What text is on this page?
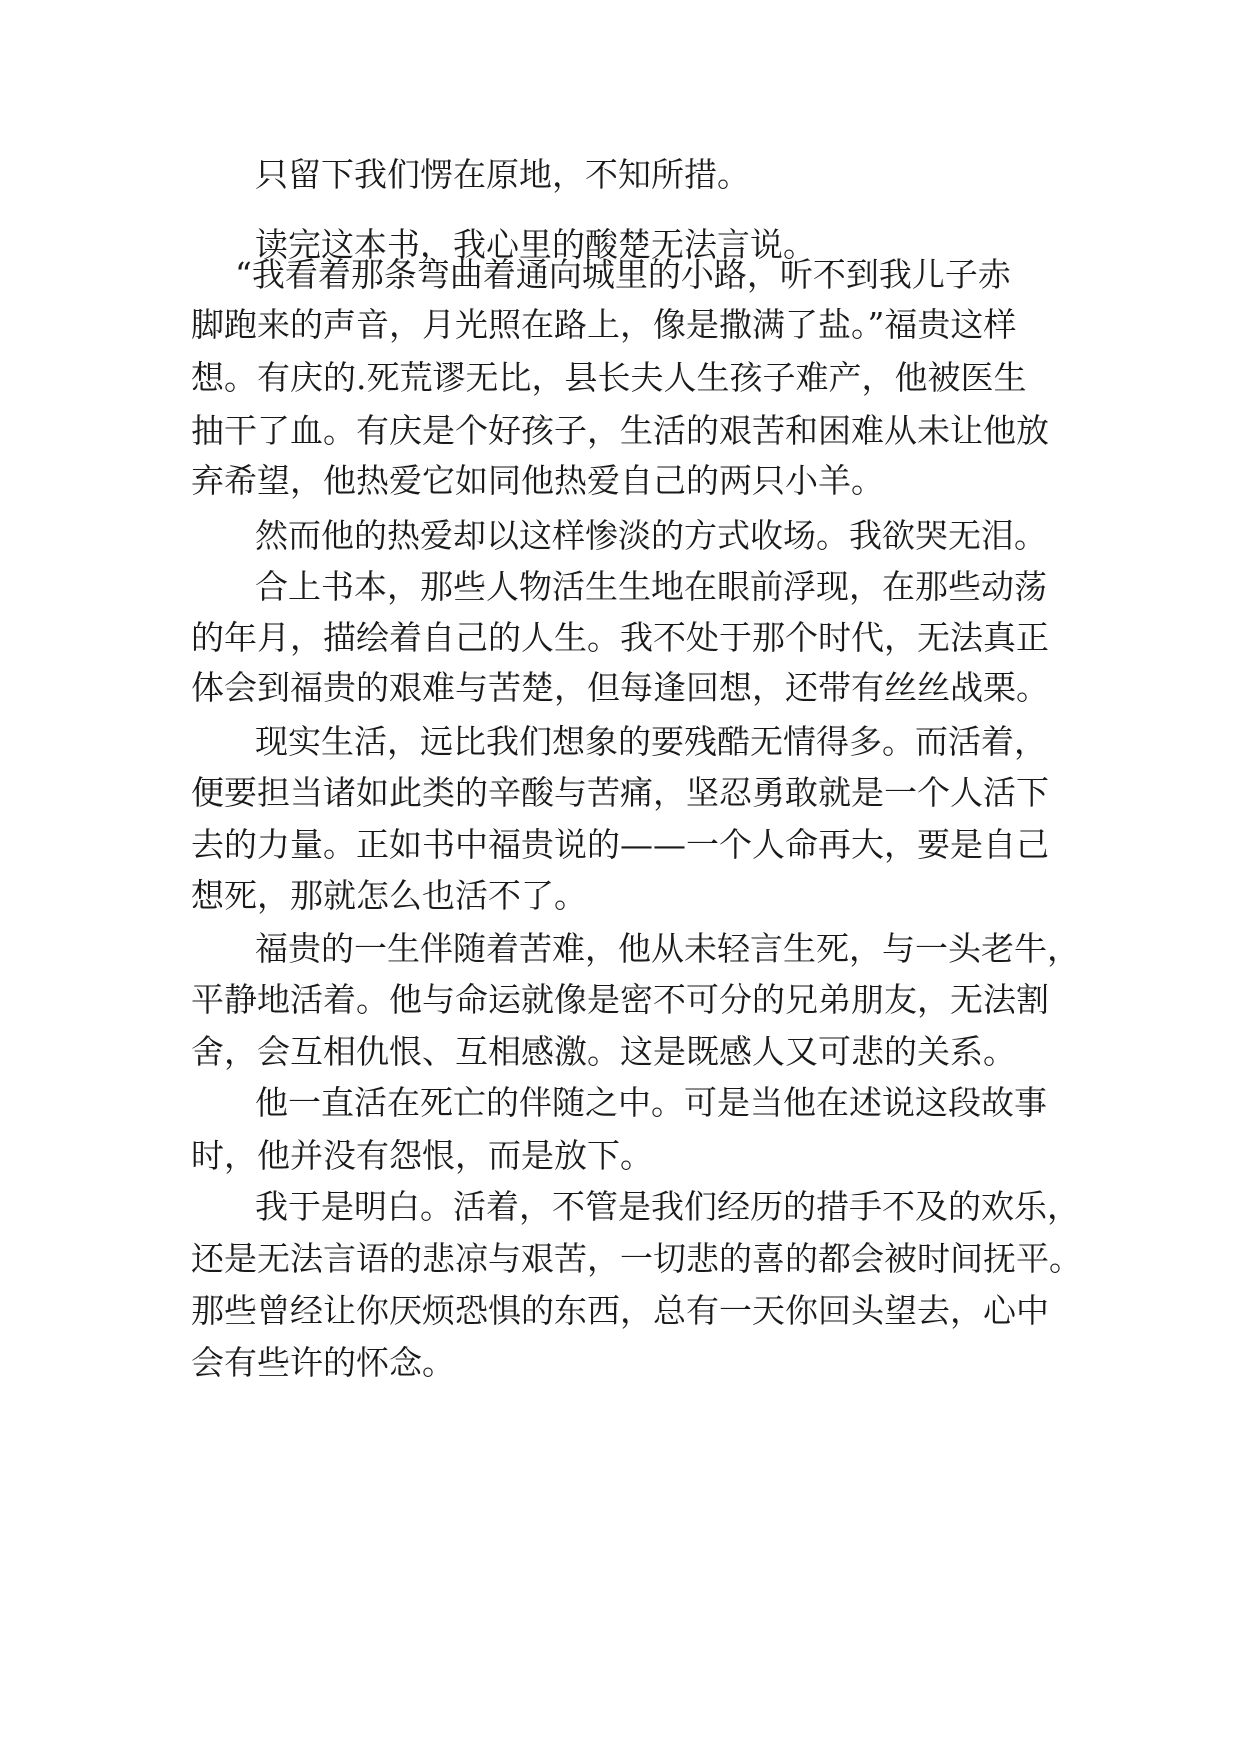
只留下我们愣在原地，不知所措。
读完这本书，我心里的酸楚无法言说。
“我看着那条弯曲着通向城里的小路，听不到我儿子赤
脚跑来的声音，月光照在路上，像是撒满了盐。”福贵这样
想。有庆的.死荒谬无比，县长夫人生孩子难产，他被医生
抽干了血。有庆是个好孩子，生活的艰苦和困难从未让他放
弃希望，他热爱它如同他热爱自己的两只小羊。
然而他的热爱却以这样惨淡的方式收场。我欲哭无泪。
合上书本，那些人物活生生地在眼前浮现，在那些动荡
的年月，描绘着自己的人生。我不处于那个时代，无法真正
体会到福贵的艰难与苦楚，但每逢回想，还带有丝丝战栗。
现实生活，远比我们想象的要残酷无情得多。而活着，
便要担当诸如此类的辛酸与苦痛，坚忍勇敢就是一个人活下
去的力量。正如书中福贵说的——一个人命再大，要是自己
想死，那就怎么也活不了。
福贵的一生伴随着苦难，他从未轻言生死，与一头老牛，
平静地活着。他与命运就像是密不可分的兄弟朋友，无法割
舍，会互相仇恨、互相感激。这是既感人又可悲的关系。
他一直活在死亡的伴随之中。可是当他在述说这段故事
时，他并没有怨恨，而是放下。
我于是明白。活着，不管是我们经历的措手不及的欢乐，
还是无法言语的悲凉与艰苦，一切悲的喜的都会被时间抚平。
那些曾经让你厌烦恐惧的东西，总有一天你回头望去，心中
会有些许的怀念。
